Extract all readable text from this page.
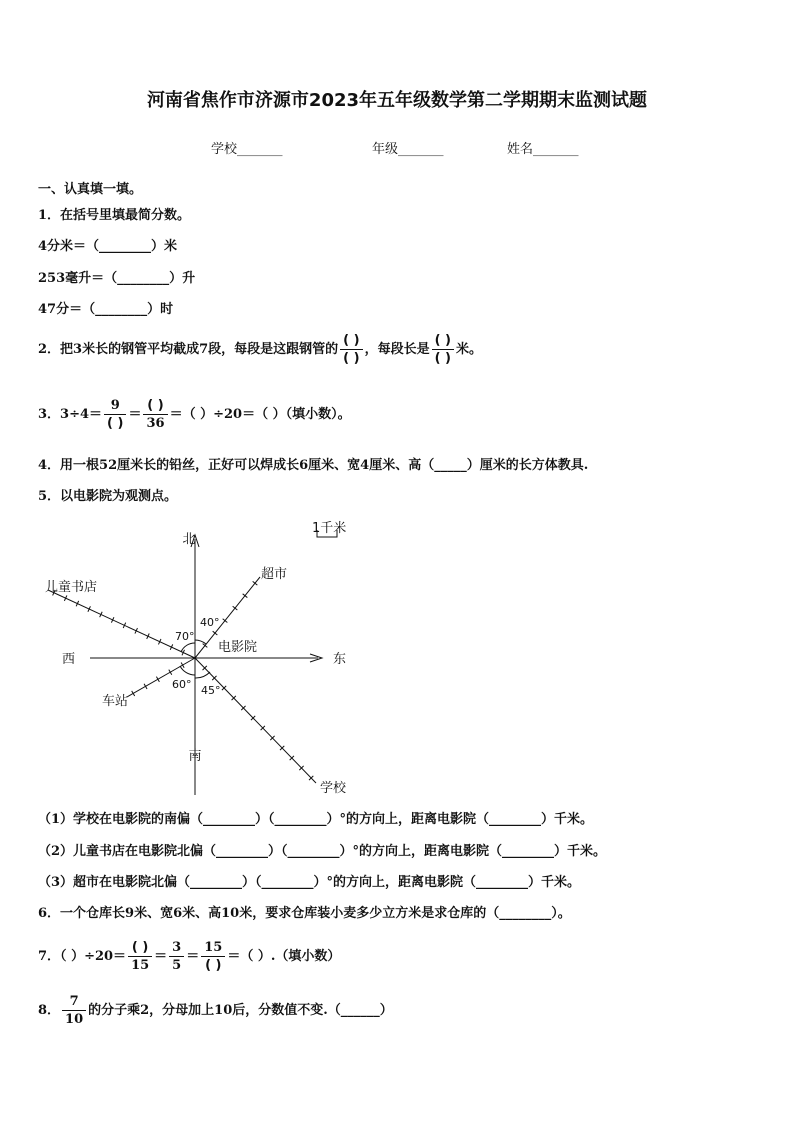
河南省焦作市济源市2023年五年级数学第二学期期末监测试题
学校_______	年级_______	姓名_______
一、认真填一填。
1．在括号里填最简分数。
4分米＝（________）米
253毫升＝（________）升
47分＝（________）时
2．把3米长的钢管平均截成7段，每段是这跟钢管的 $\frac{( )}{( )}$ ，每段长是 $\frac{( )}{( )}$ 米。
3．$3\div 4= \frac{9}{( )} = \frac{( )}{36}$ ＝（ ）÷20＝（ ）（填小数）。
4．用一根52厘米长的铅丝，正好可以焊成长6厘米、宽4厘米、高（_____）厘米的长方体教具.
5．以电影院为观测点。
北
南
东
西
电影院
超市
儿童书店
车站
学校
1千米
40°
70°
60° 45°
（1）学校在电影院的南偏（________）（________）°的方向上，距离电影院（________）千米。
（2）儿童书店在电影院北偏（________）（________）°的方向上，距离电影院（________）千米。
（3）超市在电影院北偏（________）（________）°的方向上，距离电影院（________）千米。
6．一个仓库长9米、宽6米、高10米，要求仓库装小麦多少立方米是求仓库的（________）。
7．（ ）$\div 20= \frac{( )}{15} = \frac{3}{5} = \frac{15}{( )}$ ＝（ ）.（填小数）
8． $\frac{7}{10}$ 的分子乘2，分母加上10后，分数值不变.（______）
